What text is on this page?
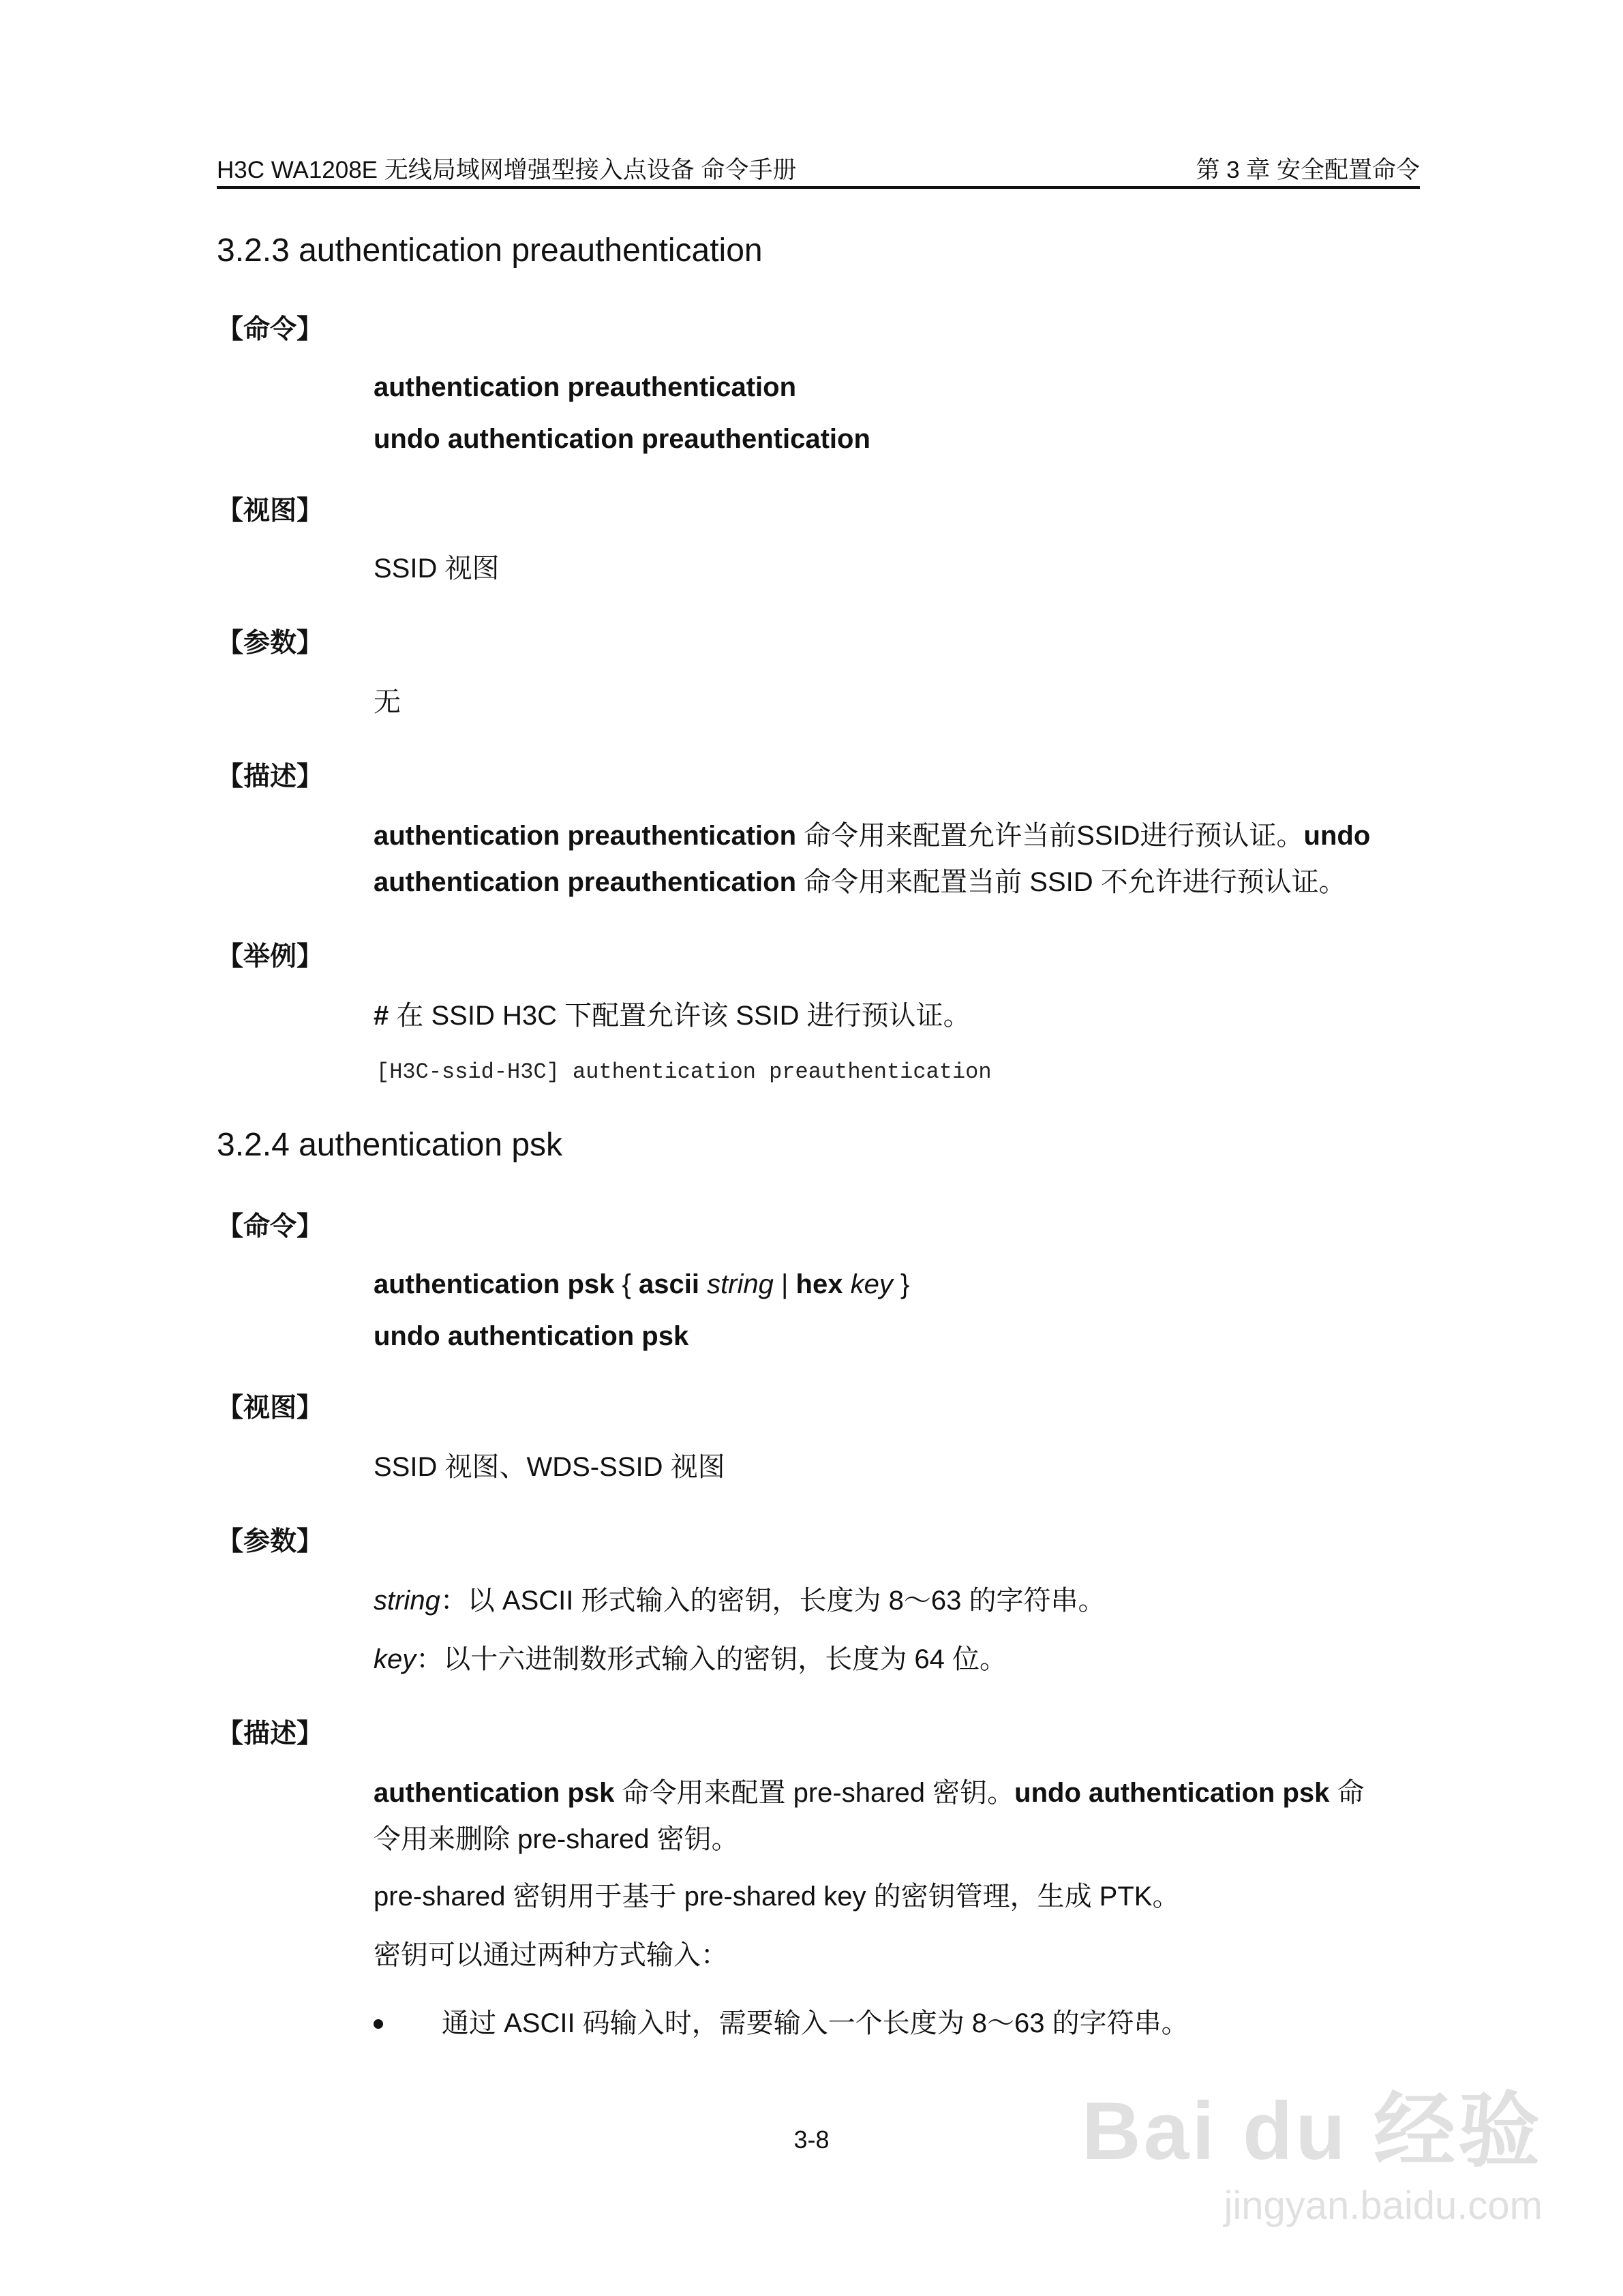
H3C WA1208E 无线局域网增强型接入点设备 命令手册	第 3 章 安全配置命令
3.2.3 authentication preauthentication
【命令】
authentication preauthentication
undo authentication preauthentication
【视图】
SSID 视图
【参数】
无
【描述】
authentication preauthentication 命令用来配置允许当前SSID进行预认证。undo
authentication preauthentication 命令用来配置当前 SSID 不允许进行预认证。
【举例】
# 在 SSID H3C 下配置允许该 SSID 进行预认证。
[H3C-ssid-H3C] authentication preauthentication
3.2.4 authentication psk
【命令】
authentication psk { ascii string | hex key }
undo authentication psk
【视图】
SSID 视图、WDS-SSID 视图
【参数】
string：以 ASCII 形式输入的密钥，长度为 8～63 的字符串。
key：以十六进制数形式输入的密钥，长度为 64 位。
【描述】
authentication psk 命令用来配置 pre-shared 密钥。undo authentication psk 命
令用来删除 pre-shared 密钥。
pre-shared 密钥用于基于 pre-shared key 的密钥管理，生成 PTK。
密钥可以通过两种方式输入：
通过 ASCII 码输入时，需要输入一个长度为 8～63 的字符串。
3-8	Bai du 经验
jingyan.baidu.com
